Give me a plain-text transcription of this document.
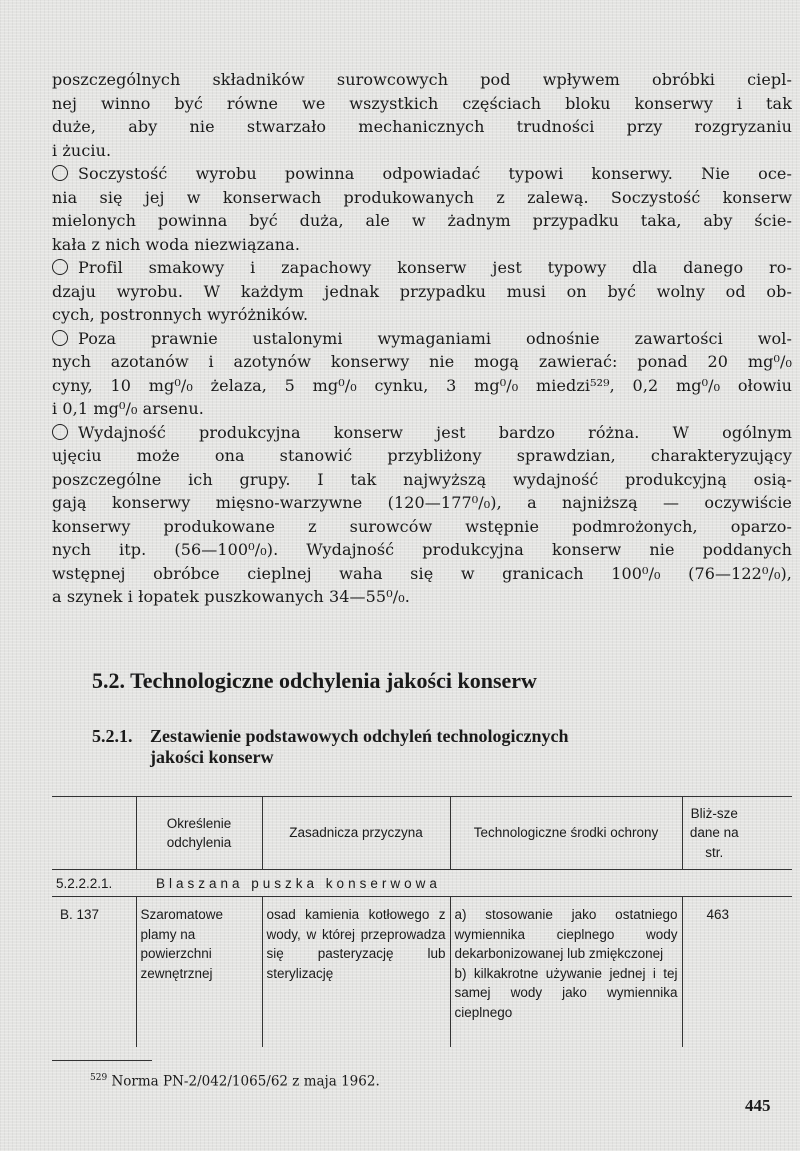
poszczególnych składników surowcowych pod wpływem obróbki ciepl-
nej winno być równe we wszystkich częściach bloku konserwy i tak
duże, aby nie stwarzało mechanicznych trudności przy rozgryzaniu
i żuciu.
Soczystość wyrobu powinna odpowiadać typowi konserwy. Nie oce-
nia się jej w konserwach produkowanych z zalewą. Soczystość konserw
mielonych powinna być duża, ale w żadnym przypadku taka, aby ście-
kała z nich woda niezwiązana.
Profil smakowy i zapachowy konserw jest typowy dla danego ro-
dzaju wyrobu. W każdym jednak przypadku musi on być wolny od ob-
cych, postronnych wyróżników.
Poza prawnie ustalonymi wymaganiami odnośnie zawartości wol-
nych azotanów i azotynów konserwy nie mogą zawierać: ponad 20 mg⁰/₀
cyny, 10 mg⁰/₀ żelaza, 5 mg⁰/₀ cynku, 3 mg⁰/₀ miedzi⁵²⁹, 0,2 mg⁰/₀ ołowiu
i 0,1 mg⁰/₀ arsenu.
Wydajność produkcyjna konserw jest bardzo różna. W ogólnym
ujęciu może ona stanowić przybliżony sprawdzian, charakteryzujący
poszczególne ich grupy. I tak najwyższą wydajność produkcyjną osią-
gają konserwy mięsno-warzywne (120—177⁰/₀), a najniższą — oczywiście
konserwy produkowane z surowców wstępnie podmrożonych, oparzo-
nych itp. (56—100⁰/₀). Wydajność produkcyjna konserw nie poddanych
wstępnej obróbce cieplnej waha się w granicach 100⁰/₀ (76—122⁰/₀),
a szynek i łopatek puszkowanych 34—55⁰/₀.
5.2. Technologiczne odchylenia jakości konserw
5.2.1. Zestawienie podstawowych odchyleń technologicznych
jakości konserw
	Określenie odchylenia	Zasadnicza przyczyna	Technologiczne środki ochrony	Bliż-sze dane na str.
5.2.2.2.1.	Blaszana puszka konserwowa			
B. 137	Szaromatowe plamy na powierzchni zewnętrznej	osad kamienia kotłowego z wody, w której przeprowadza się pasteryzację lub sterylizację	a) stosowanie jako ostatniego wymiennika cieplnego wody dekarbonizowanej lub zmiękczonej
b) kilkakrotne używanie jednej i tej samej wody jako wymiennika cieplnego	463
$^{529}$ Norma PN-2/042/1065/62 z maja 1962.
445
